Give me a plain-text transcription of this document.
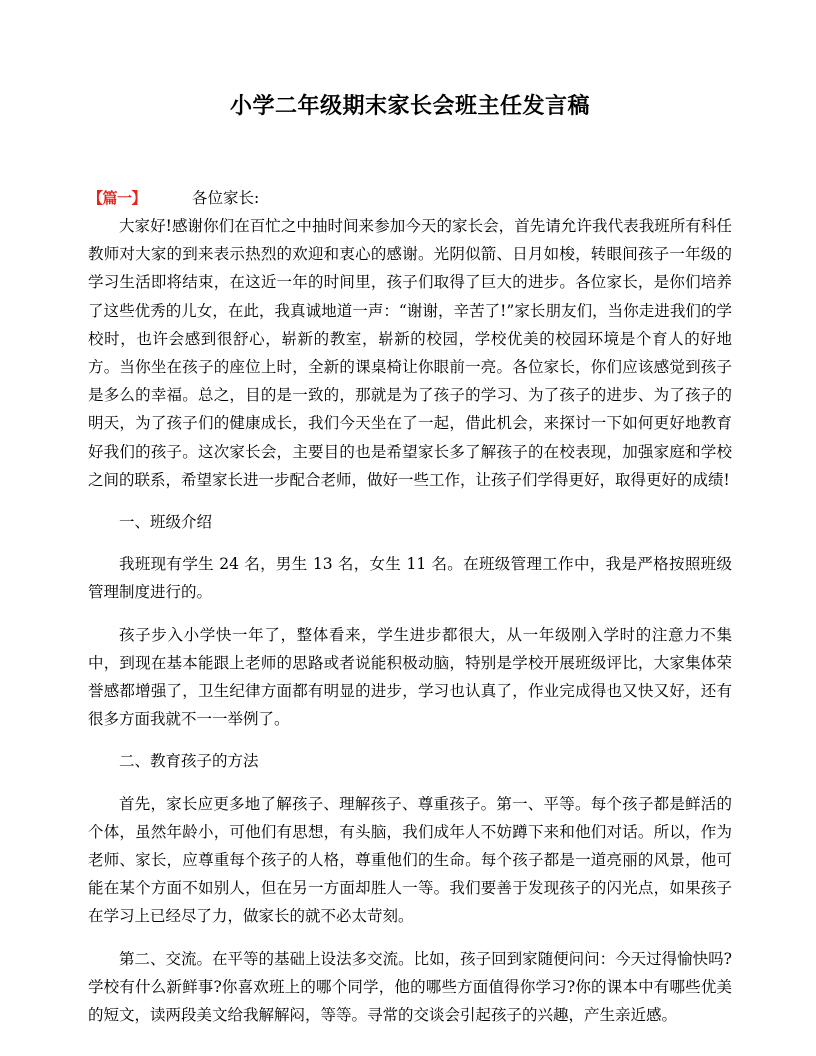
小学二年级期末家长会班主任发言稿
【篇一】	各位家长:

大家好!感谢你们在百忙之中抽时间来参加今天的家长会，首先请允许我代表我班所有科任教师对大家的到来表示热烈的欢迎和衷心的感谢。光阴似箭、日月如梭，转眼间孩子一年级的学习生活即将结束，在这近一年的时间里，孩子们取得了巨大的进步。各位家长，是你们培养了这些优秀的儿女，在此，我真诚地道一声：“谢谢，辛苦了!”家长朋友们，当你走进我们的学校时，也许会感到很舒心，崭新的教室，崭新的校园，学校优美的校园环境是个育人的好地方。当你坐在孩子的座位上时，全新的课桌椅让你眼前一亮。各位家长，你们应该感觉到孩子是多么的幸福。总之，目的是一致的，那就是为了孩子的学习、为了孩子的进步、为了孩子的明天，为了孩子们的健康成长，我们今天坐在了一起，借此机会，来探讨一下如何更好地教育好我们的孩子。这次家长会，主要目的也是希望家长多了解孩子的在校表现，加强家庭和学校之间的联系，希望家长进一步配合老师，做好一些工作，让孩子们学得更好，取得更好的成绩!

一、班级介绍

我班现有学生 24 名，男生 13 名，女生 11 名。在班级管理工作中，我是严格按照班级管理制度进行的。

孩子步入小学快一年了，整体看来，学生进步都很大，从一年级刚入学时的注意力不集中，到现在基本能跟上老师的思路或者说能积极动脑，特别是学校开展班级评比，大家集体荣誉感都增强了，卫生纪律方面都有明显的进步，学习也认真了，作业完成得也又快又好，还有很多方面我就不一一举例了。

二、教育孩子的方法

首先，家长应更多地了解孩子、理解孩子、尊重孩子。第一、平等。每个孩子都是鲜活的个体，虽然年龄小，可他们有思想，有头脑，我们成年人不妨蹲下来和他们对话。所以，作为老师、家长，应尊重每个孩子的人格，尊重他们的生命。每个孩子都是一道亮丽的风景，他可能在某个方面不如别人，但在另一方面却胜人一等。我们要善于发现孩子的闪光点，如果孩子在学习上已经尽了力，做家长的就不必太苛刻。

第二、交流。在平等的基础上设法多交流。比如，孩子回到家随便问问：今天过得愉快吗?学校有什么新鲜事?你喜欢班上的哪个同学，他的哪些方面值得你学习?你的课本中有哪些优美的短文，读两段美文给我解解闷，等等。寻常的交谈会引起孩子的兴趣，产生亲近感。
